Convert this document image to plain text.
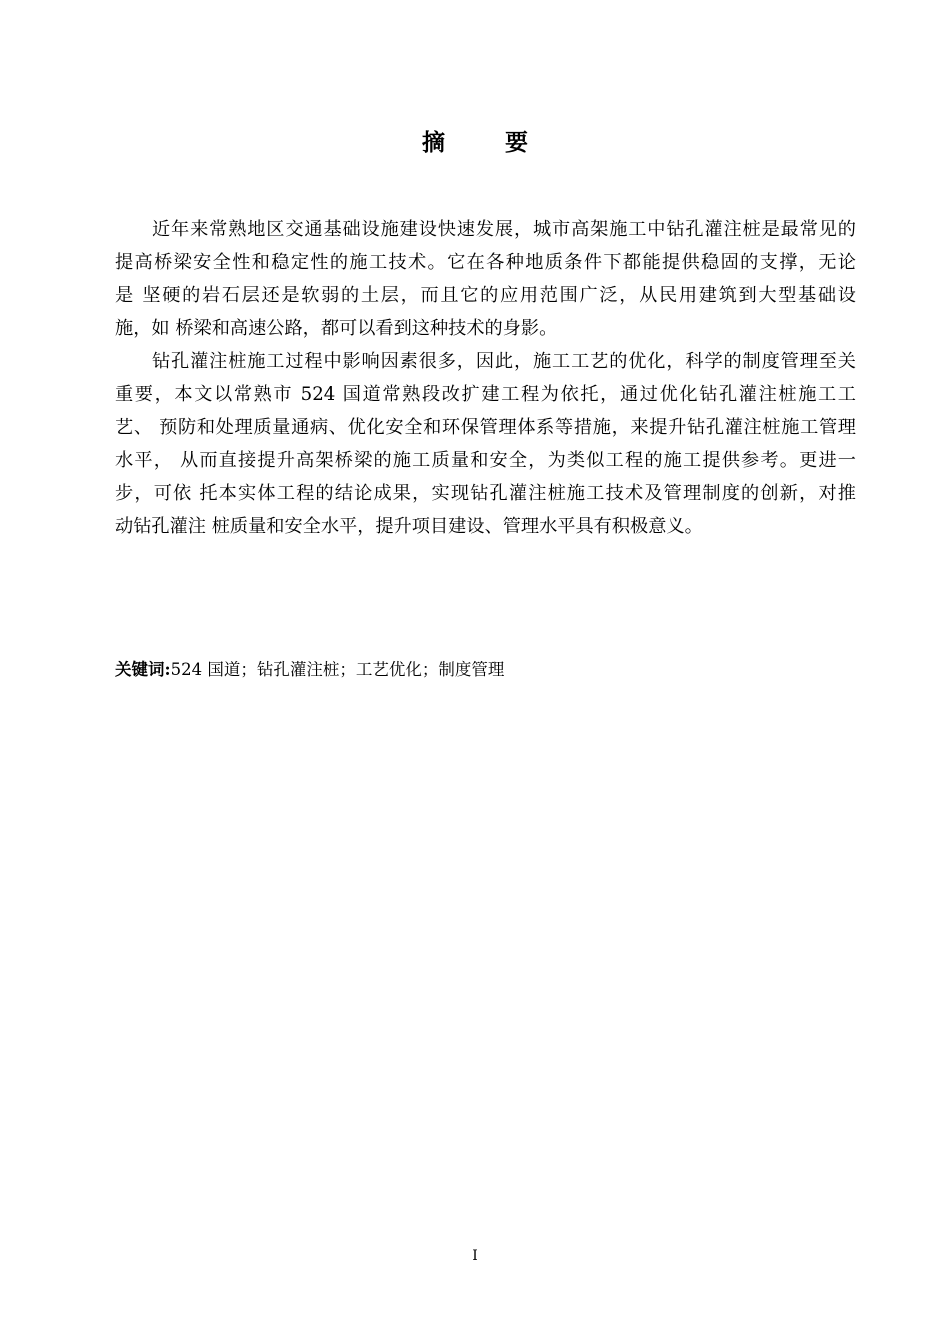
摘 要
近年来常熟地区交通基础设施建设快速发展，城市高架施工中钻孔灌注桩是最常见的
提高桥梁安全性和稳定性的施工技术。它在各种地质条件下都能提供稳固的支撑，无论
是 坚硬的岩石层还是软弱的土层，而且它的应用范围广泛，从民用建筑到大型基础设
施，如 桥梁和高速公路，都可以看到这种技术的身影。
钻孔灌注桩施工过程中影响因素很多，因此，施工工艺的优化，科学的制度管理至关
重要，本文以常熟市 524 国道常熟段改扩建工程为依托，通过优化钻孔灌注桩施工工
艺、 预防和处理质量通病、优化安全和环保管理体系等措施，来提升钻孔灌注桩施工管理
水平， 从而直接提升高架桥梁的施工质量和安全，为类似工程的施工提供参考。更进一
步，可依 托本实体工程的结论成果，实现钻孔灌注桩施工技术及管理制度的创新，对推
动钻孔灌注 桩质量和安全水平，提升项目建设、管理水平具有积极意义。
关键词:524 国道；钻孔灌注桩；工艺优化；制度管理
I
